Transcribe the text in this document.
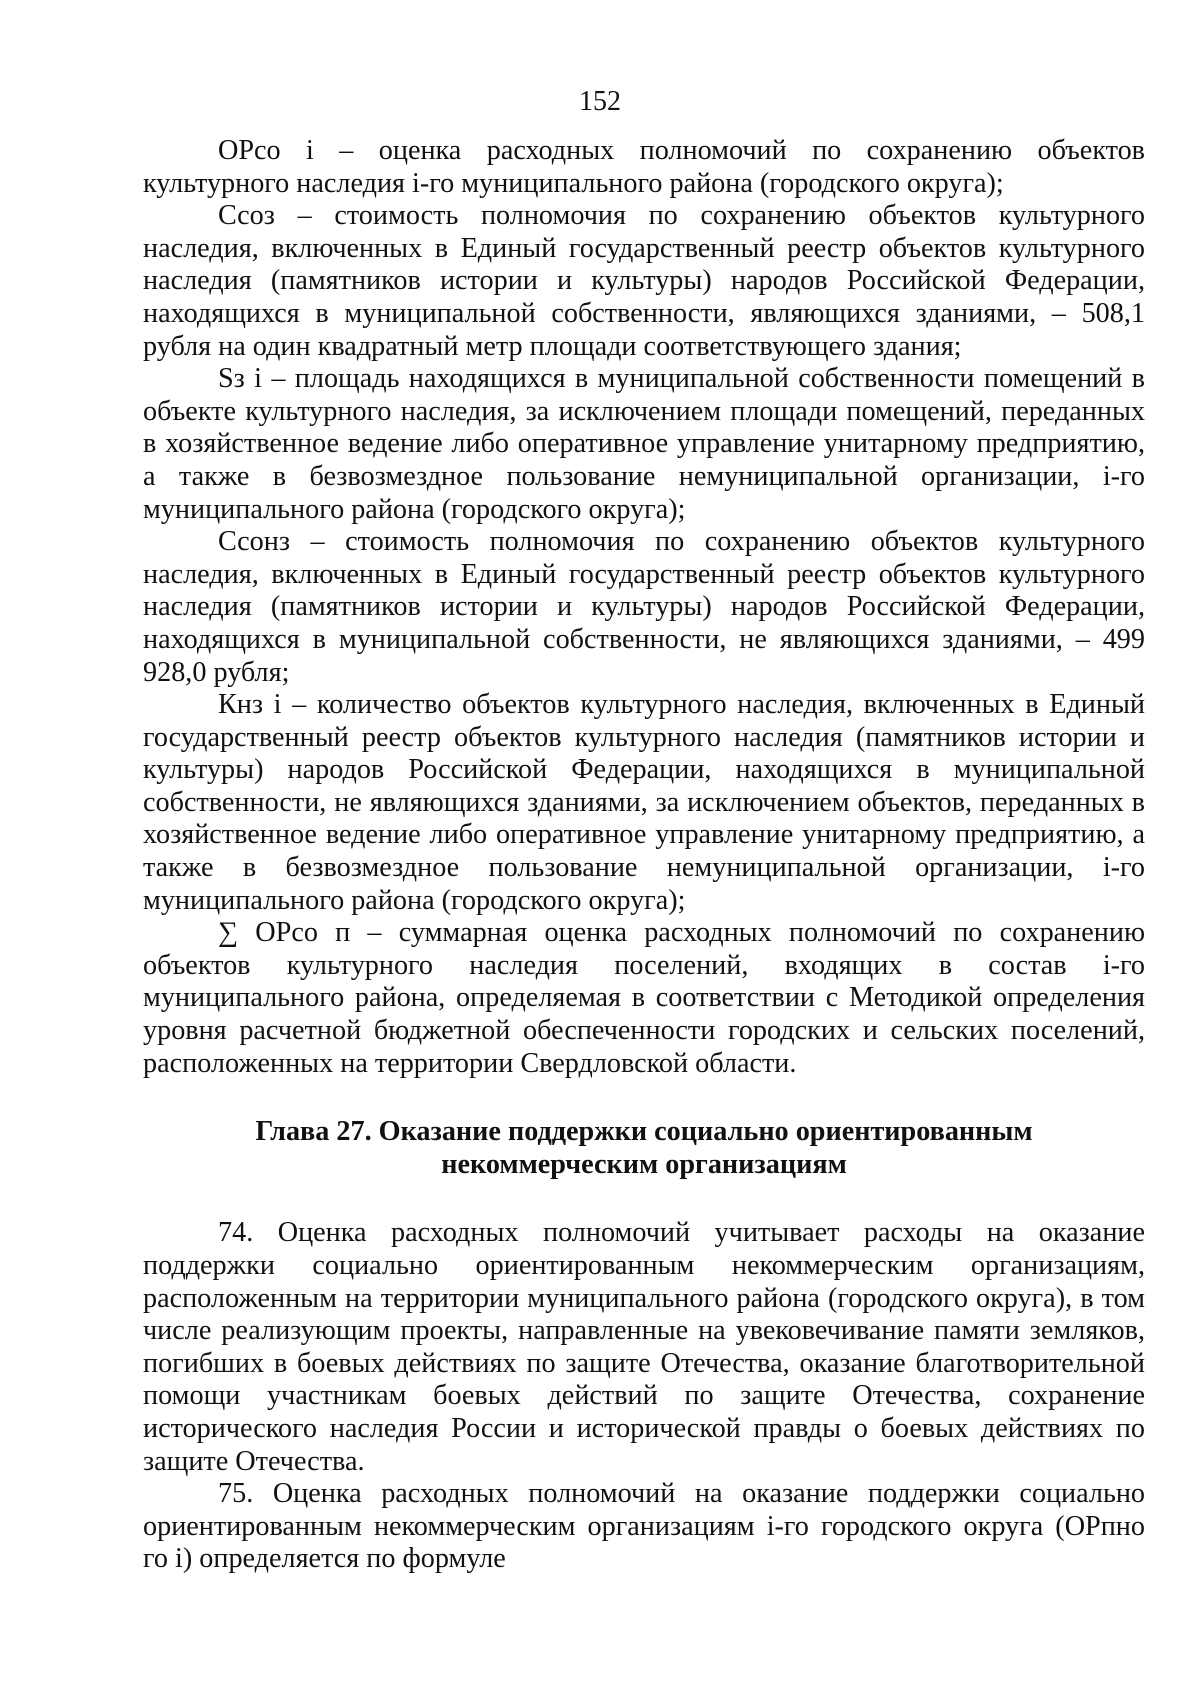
152

ОРсо i – оценка расходных полномочий по сохранению объектов культурного наследия i-го муниципального района (городского округа);

Ссоз – стоимость полномочия по сохранению объектов культурного наследия, включенных в Единый государственный реестр объектов культурного наследия (памятников истории и культуры) народов Российской Федерации, находящихся в муниципальной собственности, являющихся зданиями, – 508,1 рубля на один квадратный метр площади соответствующего здания;

Sз i – площадь находящихся в муниципальной собственности помещений в объекте культурного наследия, за исключением площади помещений, переданных в хозяйственное ведение либо оперативное управление унитарному предприятию, а также в безвозмездное пользование немуниципальной организации, i-го муниципального района (городского округа);

Ссонз – стоимость полномочия по сохранению объектов культурного наследия, включенных в Единый государственный реестр объектов культурного наследия (памятников истории и культуры) народов Российской Федерации, находящихся в муниципальной собственности, не являющихся зданиями, – 499 928,0 рубля;

Кнз i – количество объектов культурного наследия, включенных в Единый государственный реестр объектов культурного наследия (памятников истории и культуры) народов Российской Федерации, находящихся в муниципальной собственности, не являющихся зданиями, за исключением объектов, переданных в хозяйственное ведение либо оперативное управление унитарному предприятию, а также в безвозмездное пользование немуниципальной организации, i-го муниципального района (городского округа);

∑ ОРсо п – суммарная оценка расходных полномочий по сохранению объектов культурного наследия поселений, входящих в состав i-го муниципального района, определяемая в соответствии с Методикой определения уровня расчетной бюджетной обеспеченности городских и сельских поселений, расположенных на территории Свердловской области.

Глава 27. Оказание поддержки социально ориентированным
некоммерческим организациям

74. Оценка расходных полномочий учитывает расходы на оказание поддержки социально ориентированным некоммерческим организациям, расположенным на территории муниципального района (городского округа), в том числе реализующим проекты, направленные на увековечивание памяти земляков, погибших в боевых действиях по защите Отечества, оказание благотворительной помощи участникам боевых действий по защите Отечества, сохранение исторического наследия России и исторической правды о боевых действиях по защите Отечества.

75. Оценка расходных полномочий на оказание поддержки социально ориентированным некоммерческим организациям i-го городского округа (ОРпно го i) определяется по формуле
